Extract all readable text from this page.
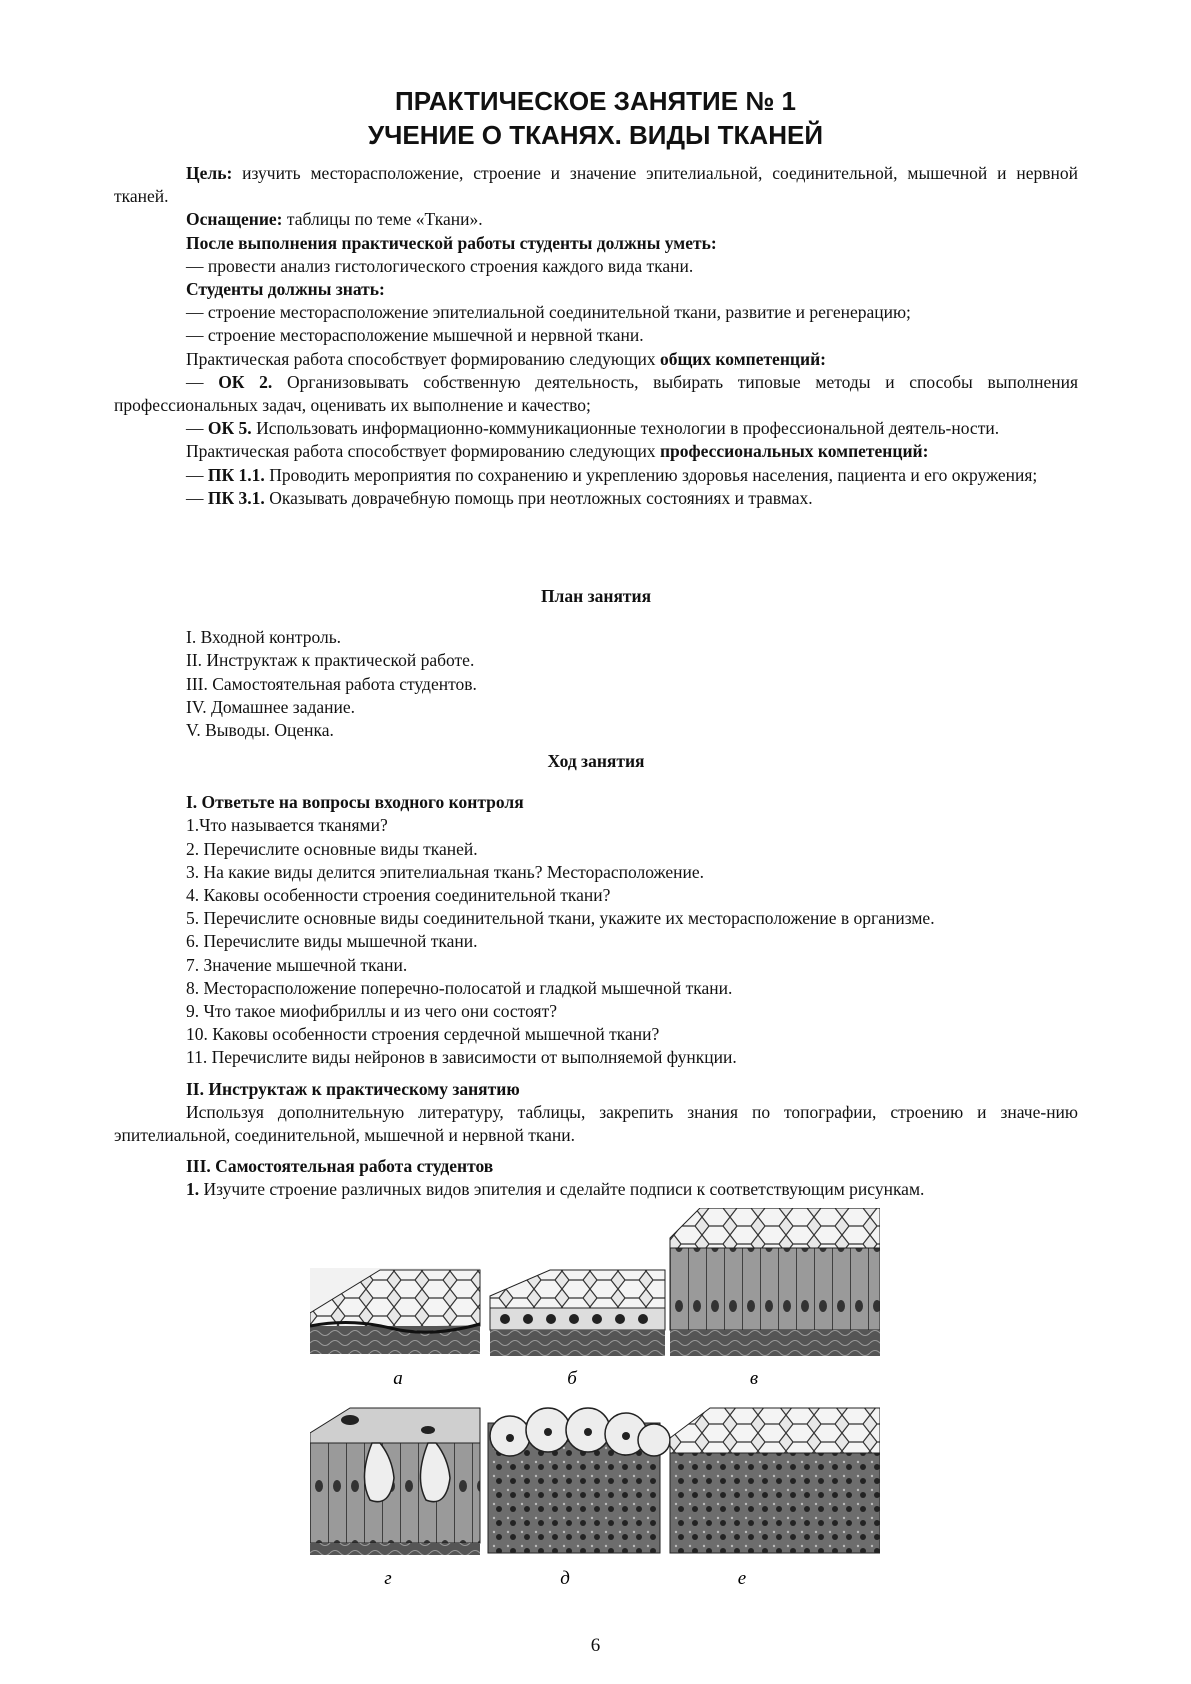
ПРАКТИЧЕСКОЕ ЗАНЯТИЕ № 1
УЧЕНИЕ О ТКАНЯХ. ВИДЫ ТКАНЕЙ

Цель: изучить месторасположение, строение и значение эпителиальной, соединительной, мышечной и нервной тканей.

Оснащение: таблицы по теме «Ткани».

После выполнения практической работы студенты должны уметь:

— провести анализ гистологического строения каждого вида ткани.

Студенты должны знать:

— строение месторасположение эпителиальной соединительной ткани, развитие и регенерацию;

— строение месторасположение мышечной и нервной ткани.

Практическая работа способствует формированию следующих общих компетенций:

— ОК 2. Организовывать собственную деятельность, выбирать типовые методы и способы выполнения профессиональных задач, оценивать их выполнение и качество;

— ОК 5. Использовать информационно-коммуникационные технологии в профессиональной деятель-ности.

Практическая работа способствует формированию следующих профессиональных компетенций:

— ПК 1.1. Проводить мероприятия по сохранению и укреплению здоровья населения, пациента и его окружения;

— ПК 3.1. Оказывать доврачебную помощь при неотложных состояниях и травмах.

План занятия

I. Входной контроль.

II. Инструктаж к практической работе.

III. Самостоятельная работа студентов.

IV. Домашнее задание.

V. Выводы. Оценка.

Ход занятия

I. Ответьте на вопросы входного контроля

1.Что называется тканями?

2. Перечислите основные виды тканей.

3. На какие виды делится эпителиальная ткань? Месторасположение.

4. Каковы особенности строения соединительной ткани?

5. Перечислите основные виды соединительной ткани, укажите их месторасположение в организме.

6. Перечислите виды мышечной ткани.

7. Значение мышечной ткани.

8. Месторасположение поперечно-полосатой и гладкой мышечной ткани.

9. Что такое миофибриллы и из чего они состоят?

10. Каковы особенности строения сердечной мышечной ткани?

11. Перечислите виды нейронов в зависимости от выполняемой функции.

II. Инструктаж к практическому занятию

Используя дополнительную литературу, таблицы, закрепить знания по топографии, строению и значе-нию эпителиальной, соединительной, мышечной и нервной ткани.

III. Самостоятельная работа студентов

1. Изучите строение различных видов эпителия и сделайте подписи к соответствующим рисункам.

а	б	в
г	д	е
6
